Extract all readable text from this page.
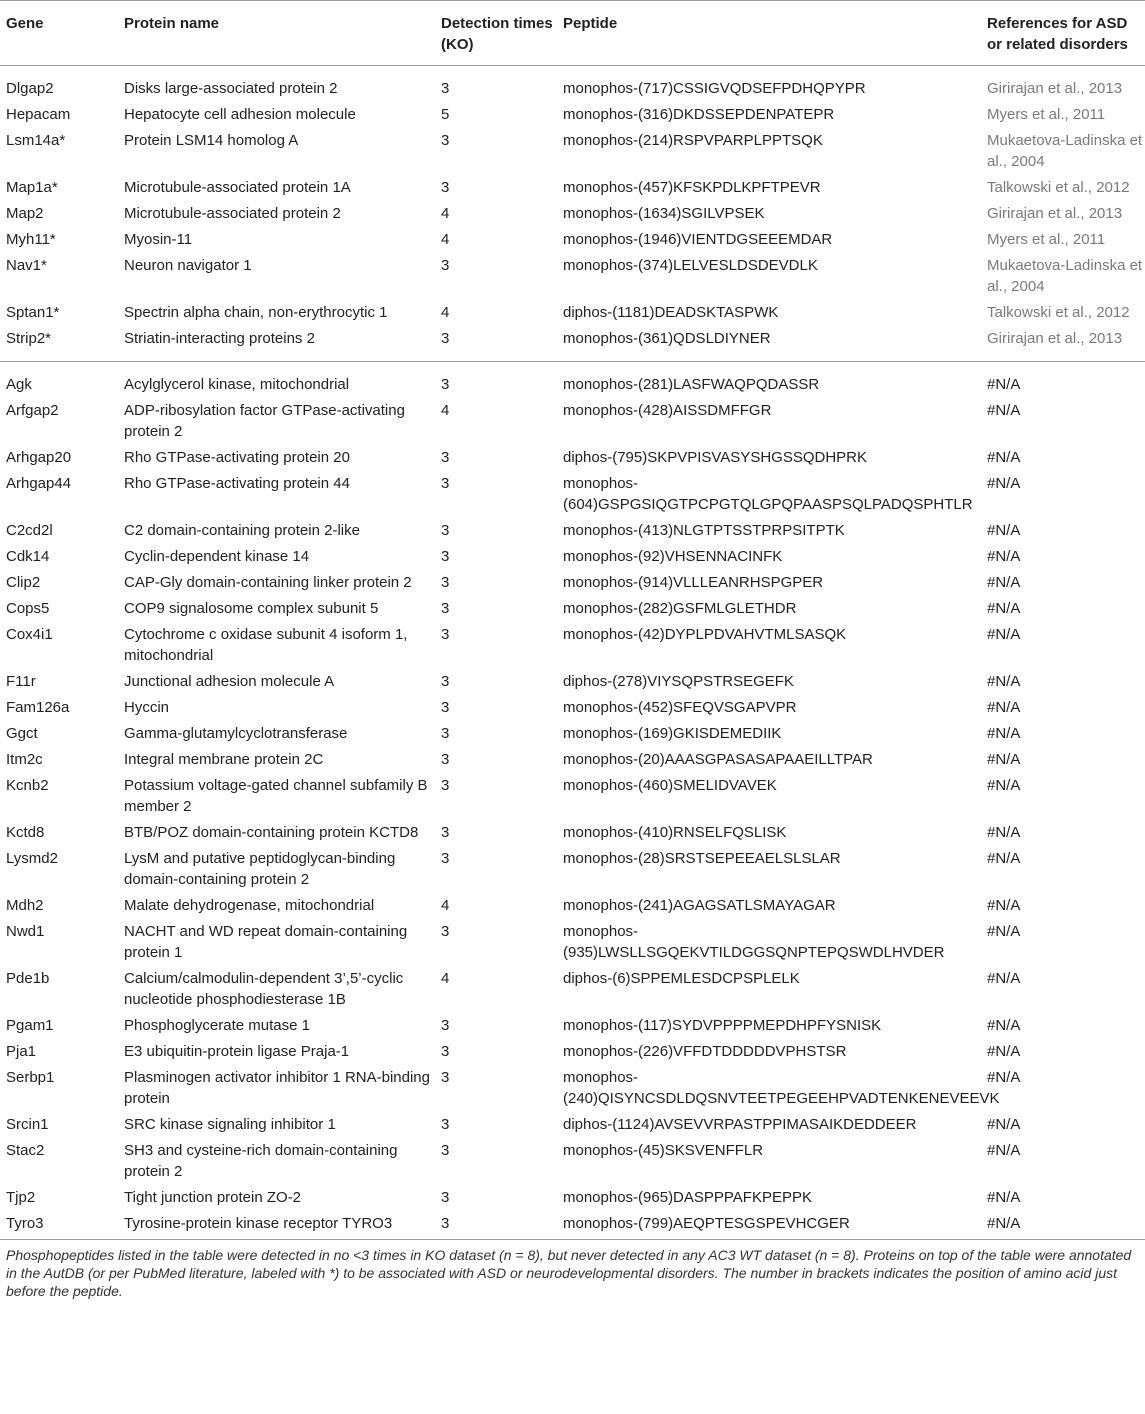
Gene	Protein name	Detection times (KO)	Peptide	References for ASD or related disorders
Dlgap2	Disks large-associated protein 2	3	monophos-(717)CSSIGVQDSEFPDHQPYPR	Girirajan et al., 2013
Hepacam	Hepatocyte cell adhesion molecule	5	monophos-(316)DKDSSEPDENPATEPR	Myers et al., 2011
Lsm14a*	Protein LSM14 homolog A	3	monophos-(214)RSPVPARPLPPTSQK	Mukaetova-Ladinska et al., 2004
Map1a*	Microtubule-associated protein 1A	3	monophos-(457)KFSKPDLKPFTPEVR	Talkowski et al., 2012
Map2	Microtubule-associated protein 2	4	monophos-(1634)SGILVPSEK	Girirajan et al., 2013
Myh11*	Myosin-11	4	monophos-(1946)VIENTDGSEEEMDAR	Myers et al., 2011
Nav1*	Neuron navigator 1	3	monophos-(374)LELVESLDSDEVDLK	Mukaetova-Ladinska et al., 2004
Sptan1*	Spectrin alpha chain, non-erythrocytic 1	4	diphos-(1181)DEADSKTASPWK	Talkowski et al., 2012
Strip2*	Striatin-interacting proteins 2	3	monophos-(361)QDSLDIYNER	Girirajan et al., 2013
Agk	Acylglycerol kinase, mitochondrial	3	monophos-(281)LASFWAQPQDASSR	#N/A
Arfgap2	ADP-ribosylation factor GTPase-activating protein 2	4	monophos-(428)AISSDMFFGR	#N/A
Arhgap20	Rho GTPase-activating protein 20	3	diphos-(795)SKPVPISVASYSHGSSQDHPRK	#N/A
Arhgap44	Rho GTPase-activating protein 44	3	monophos-(604)GSPGSIQGTPCPGTQLGPQPAASPSQLPADQSPHTLR	#N/A
C2cd2l	C2 domain-containing protein 2-like	3	monophos-(413)NLGTPTSSTPRPSITPTK	#N/A
Cdk14	Cyclin-dependent kinase 14	3	monophos-(92)VHSENNACINFK	#N/A
Clip2	CAP-Gly domain-containing linker protein 2	3	monophos-(914)VLLLEANRHSPGPER	#N/A
Cops5	COP9 signalosome complex subunit 5	3	monophos-(282)GSFMLGLETHDR	#N/A
Cox4i1	Cytochrome c oxidase subunit 4 isoform 1, mitochondrial	3	monophos-(42)DYPLPDVAHVTMLSASQK	#N/A
F11r	Junctional adhesion molecule A	3	diphos-(278)VIYSQPSTRSEGEFK	#N/A
Fam126a	Hyccin	3	monophos-(452)SFEQVSGAPVPR	#N/A
Ggct	Gamma-glutamylcyclotransferase	3	monophos-(169)GKISDEMEDIIK	#N/A
Itm2c	Integral membrane protein 2C	3	monophos-(20)AAASGPASASAPAAEILLTPAR	#N/A
Kcnb2	Potassium voltage-gated channel subfamily B member 2	3	monophos-(460)SMELIDVAVEK	#N/A
Kctd8	BTB/POZ domain-containing protein KCTD8	3	monophos-(410)RNSELFQSLISK	#N/A
Lysmd2	LysM and putative peptidoglycan-binding domain-containing protein 2	3	monophos-(28)SRSTSEPEEAELSLSLAR	#N/A
Mdh2	Malate dehydrogenase, mitochondrial	4	monophos-(241)AGAGSATLSMAYAGAR	#N/A
Nwd1	NACHT and WD repeat domain-containing protein 1	3	monophos-(935)LWSLLSGQEKVTILDGGSQNPTEPQSWDLHVDER	#N/A
Pde1b	Calcium/calmodulin-dependent 3’,5’-cyclic nucleotide phosphodiesterase 1B	4	diphos-(6)SPPEMLESDCPSPLELK	#N/A
Pgam1	Phosphoglycerate mutase 1	3	monophos-(117)SYDVPPPPMEPDHPFYSNISK	#N/A
Pja1	E3 ubiquitin-protein ligase Praja-1	3	monophos-(226)VFFDTDDDDDVPHSTSR	#N/A
Serbp1	Plasminogen activator inhibitor 1 RNA-binding protein	3	monophos-(240)QISYNCSDLDQSNVTEETPEGEEHPVADTENKENEVEEVK	#N/A
Srcin1	SRC kinase signaling inhibitor 1	3	diphos-(1124)AVSEVVRPASTPPIMASAIKDEDDEER	#N/A
Stac2	SH3 and cysteine-rich domain-containing protein 2	3	monophos-(45)SKSVENFFLR	#N/A
Tjp2	Tight junction protein ZO-2	3	monophos-(965)DASPPPAFKPEPPK	#N/A
Tyro3	Tyrosine-protein kinase receptor TYRO3	3	monophos-(799)AEQPTESGSPEVHCGER	#N/A

Phosphopeptides listed in the table were detected in no <3 times in KO dataset (n = 8), but never detected in any AC3 WT dataset (n = 8). Proteins on top of the table were annotated in the AutDB (or per PubMed literature, labeled with *) to be associated with ASD or neurodevelopmental disorders. The number in brackets indicates the position of amino acid just before the peptide.
